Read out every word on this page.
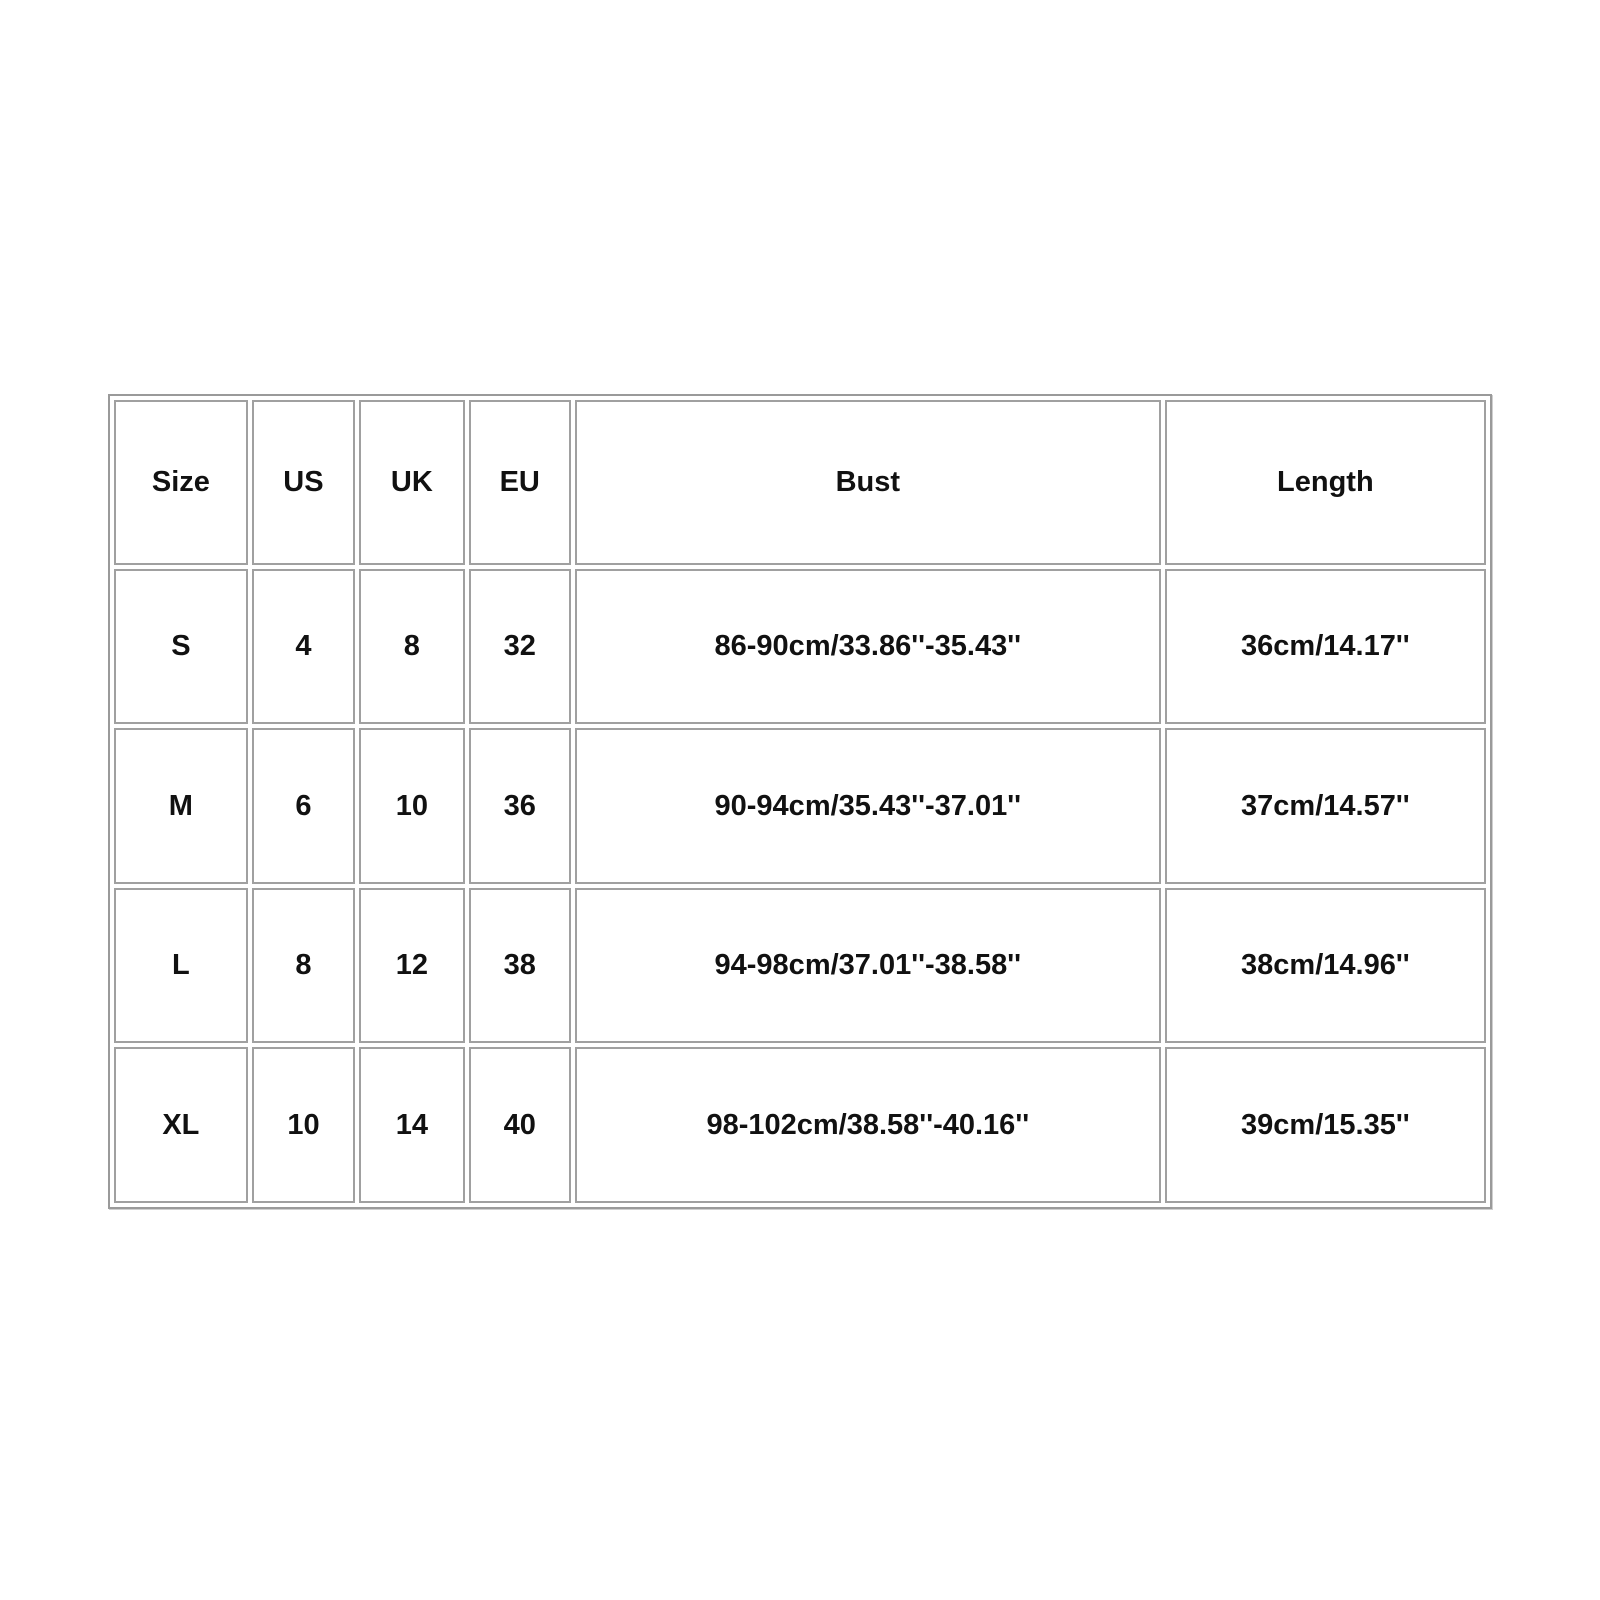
Size	US	UK	EU	Bust	Length
S	4	8	32	86-90cm/33.86''-35.43''	36cm/14.17''
M	6	10	36	90-94cm/35.43''-37.01''	37cm/14.57''
L	8	12	38	94-98cm/37.01''-38.58''	38cm/14.96''
XL	10	14	40	98-102cm/38.58''-40.16''	39cm/15.35''
